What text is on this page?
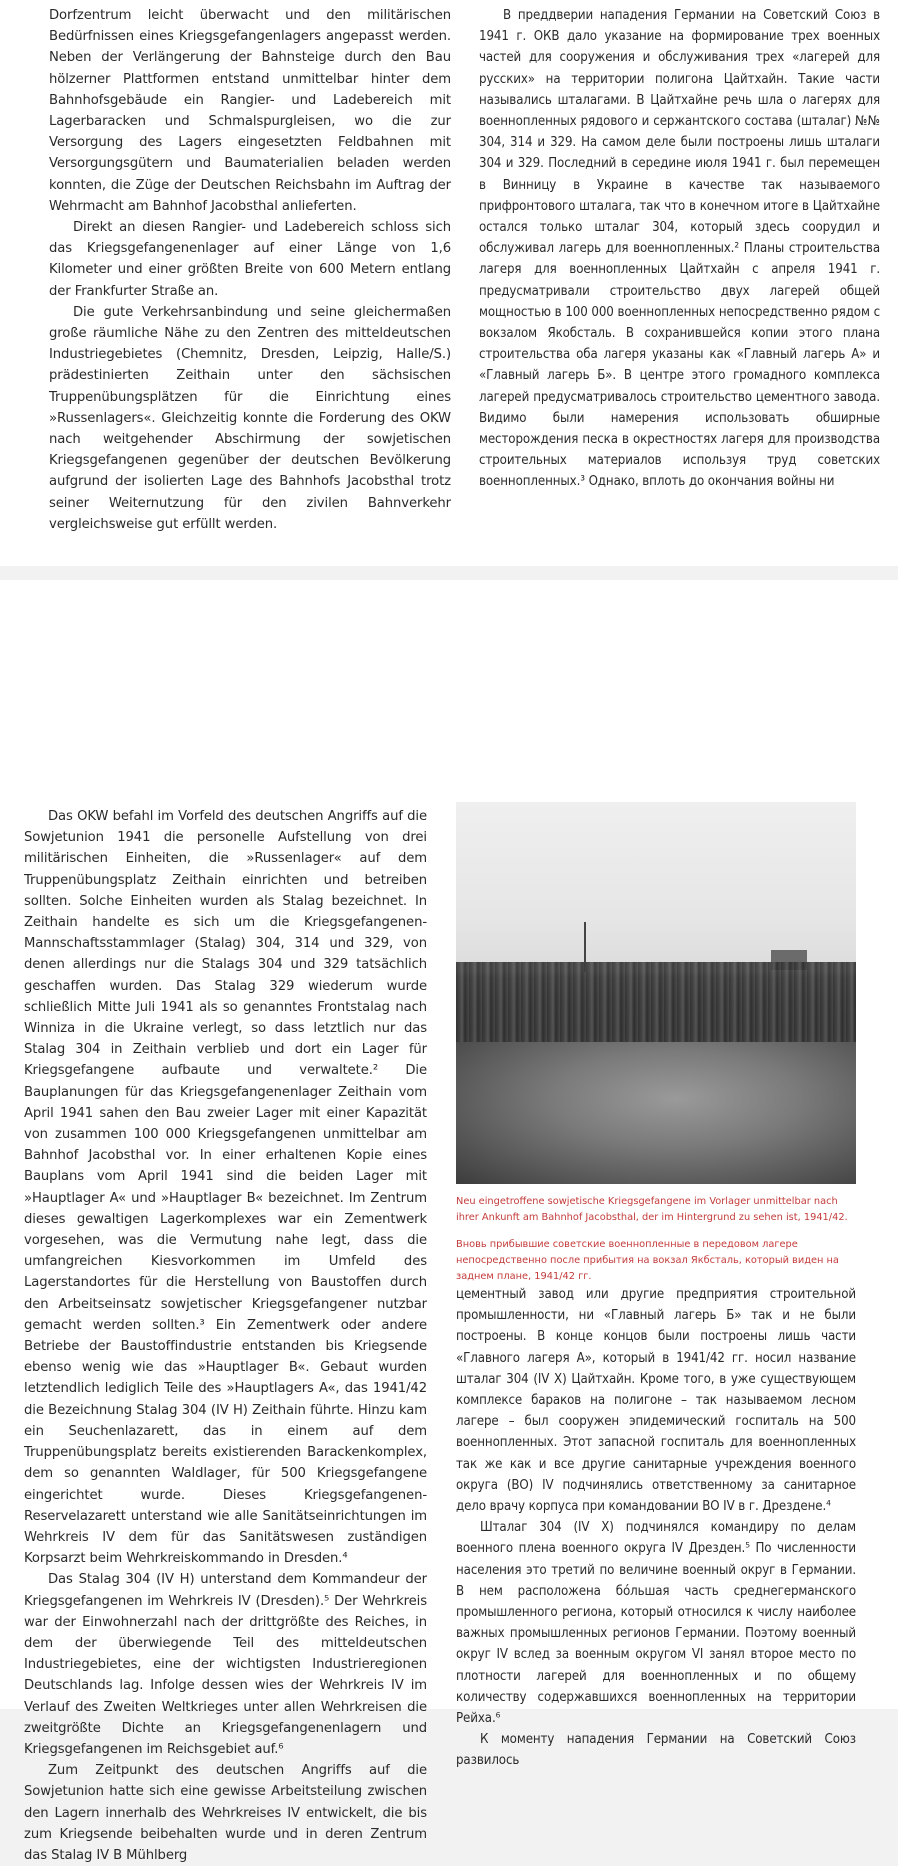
Dorfzentrum leicht überwacht und den militärischen Bedürfnissen eines Kriegsgefangenlagers angepasst werden. Neben der Verlängerung der Bahnsteige durch den Bau hölzerner Plattformen entstand unmittelbar hinter dem Bahnhofsgebäude ein Rangier- und Ladebereich mit Lagerbaracken und Schmalspurgleisen, wo die zur Versorgung des Lagers eingesetzten Feldbahnen mit Versorgungsgütern und Baumaterialien beladen werden konnten, die Züge der Deutschen Reichsbahn im Auftrag der Wehrmacht am Bahnhof Jacobsthal anlieferten.

Direkt an diesen Rangier- und Ladebereich schloss sich das Kriegsgefangenenlager auf einer Länge von 1,6 Kilometer und einer größten Breite von 600 Metern entlang der Frankfurter Straße an.

Die gute Verkehrsanbindung und seine gleichermaßen große räumliche Nähe zu den Zentren des mitteldeutschen Industriegebietes (Chemnitz, Dresden, Leipzig, Halle/S.) prädestinierten Zeithain unter den sächsischen Truppenübungsplätzen für die Einrichtung eines »Russenlagers«. Gleichzeitig konnte die Forderung des OKW nach weitgehender Abschirmung der sowjetischen Kriegsgefangenen gegenüber der deutschen Bevölkerung aufgrund der isolierten Lage des Bahnhofs Jacobsthal trotz seiner Weiternutzung für den zivilen Bahnverkehr vergleichsweise gut erfüllt werden.

В преддверии нападения Германии на Советский Союз в 1941 г. ОКВ дало указание на формирование трех военных частей для сооружения и обслуживания трех «лагерей для русских» на территории полигона Цайтхайн. Такие части назывались шталагами. В Цайтхайне речь шла о лагерях для военнопленных рядового и сержантского состава (шталаг) №№ 304, 314 и 329. На самом деле были построены лишь шталаги 304 и 329. Последний в середине июля 1941 г. был перемещен в Винницу в Украине в качестве так называемого прифронтового шталага, так что в конечном итоге в Цайтхайне остался только шталаг 304, который здесь соорудил и обслуживал лагерь для военнопленных.² Планы строительства лагеря для военнопленных Цайтхайн с апреля 1941 г. предусматривали строительство двух лагерей общей мощностью в 100 000 военнопленных непосредственно рядом с вокзалом Якобсталь. В сохранившейся копии этого плана строительства оба лагеря указаны как «Главный лагерь А» и «Главный лагерь Б». В центре этого громадного комплекса лагерей предусматривалось строительство цементного завода. Видимо были намерения использовать обширные месторождения песка в окрестностях лагеря для производства строительных материалов используя труд советских военнопленных.³ Однако, вплоть до окончания войны ни

Das OKW befahl im Vorfeld des deutschen Angriffs auf die Sowjetunion 1941 die personelle Aufstellung von drei militärischen Einheiten, die »Russenlager« auf dem Truppenübungsplatz Zeithain einrichten und betreiben sollten. Solche Einheiten wurden als Stalag bezeichnet. In Zeithain handelte es sich um die Kriegsgefangenen-Mannschaftsstammlager (Stalag) 304, 314 und 329, von denen allerdings nur die Stalags 304 und 329 tatsächlich geschaffen wurden. Das Stalag 329 wiederum wurde schließlich Mitte Juli 1941 als so genanntes Frontstalag nach Winniza in die Ukraine verlegt, so dass letztlich nur das Stalag 304 in Zeithain verblieb und dort ein Lager für Kriegsgefangene aufbaute und verwaltete.² Die Bauplanungen für das Kriegsgefangenenlager Zeithain vom April 1941 sahen den Bau zweier Lager mit einer Kapazität von zusammen 100 000 Kriegsgefangenen unmittelbar am Bahnhof Jacobsthal vor. In einer erhaltenen Kopie eines Bauplans vom April 1941 sind die beiden Lager mit »Hauptlager A« und »Hauptlager B« bezeichnet. Im Zentrum dieses gewaltigen Lagerkomplexes war ein Zementwerk vorgesehen, was die Vermutung nahe legt, dass die umfangreichen Kiesvorkommen im Umfeld des Lagerstandortes für die Herstellung von Baustoffen durch den Arbeitseinsatz sowjetischer Kriegsgefangener nutzbar gemacht werden sollten.³ Ein Zementwerk oder andere Betriebe der Baustoffindustrie entstanden bis Kriegsende ebenso wenig wie das »Hauptlager B«. Gebaut wurden letztendlich lediglich Teile des »Hauptlagers A«, das 1941/42 die Bezeichnung Stalag 304 (IV H) Zeithain führte. Hinzu kam ein Seuchenlazarett, das in einem auf dem Truppenübungsplatz bereits existierenden Barackenkomplex, dem so genannten Waldlager, für 500 Kriegsgefangene eingerichtet wurde. Dieses Kriegsgefangenen-Reservelazarett unterstand wie alle Sanitätseinrichtungen im Wehrkreis IV dem für das Sanitätswesen zuständigen Korpsarzt beim Wehrkreiskommando in Dresden.⁴

Das Stalag 304 (IV H) unterstand dem Kommandeur der Kriegsgefangenen im Wehrkreis IV (Dresden).⁵ Der Wehrkreis war der Einwohnerzahl nach der drittgrößte des Reiches, in dem der überwiegende Teil des mitteldeutschen Industriegebietes, eine der wichtigsten Industrieregionen Deutschlands lag. Infolge dessen wies der Wehrkreis IV im Verlauf des Zweiten Weltkrieges unter allen Wehrkreisen die zweitgrößte Dichte an Kriegsgefangenenlagern und Kriegsgefangenen im Reichsgebiet auf.⁶

Zum Zeitpunkt des deutschen Angriffs auf die Sowjetunion hatte sich eine gewisse Arbeitsteilung zwischen den Lagern innerhalb des Wehrkreises IV entwickelt, die bis zum Kriegsende beibehalten wurde und in deren Zentrum das Stalag IV B Mühlberg

Neu eingetroffene sowjetische Kriegsgefangene im Vorlager unmittelbar nach ihrer Ankunft am Bahnhof Jacobsthal, der im Hintergrund zu sehen ist, 1941/42.
Вновь прибывшие советские военнопленные в передовом лагере непосредственно после прибытия на вокзал Якбсталь, который виден на заднем плане, 1941/42 гг.

цементный завод или другие предприятия строительной промышленности, ни «Главный лагерь Б» так и не были построены. В конце концов были построены лишь части «Главного лагеря А», который в 1941/42 гг. носил название шталаг 304 (IV X) Цайтхайн. Кроме того, в уже существующем комплексе бараков на полигоне – так называемом лесном лагере – был сооружен эпидемический госпиталь на 500 военнопленных. Этот запасной госпиталь для военнопленных так же как и все другие санитарные учреждения военного округа (ВО) IV подчинялись ответственному за санитарное дело врачу корпуса при командовании ВО IV в г. Дрездене.⁴

Шталаг 304 (IV X) подчинялся командиру по делам военного плена военного округа IV Дрезден.⁵ По численности населения это третий по величине военный округ в Германии. В нем расположена бóльшая часть среднегерманского промышленного региона, который относился к числу наиболее важных промышленных регионов Германии. Поэтому военный округ IV вслед за военным округом VI занял второе место по плотности лагерей для военнопленных и по общему количеству содержавшихся военнопленных на территории Рейха.⁶

К моменту нападения Германии на Советский Союз развилось
